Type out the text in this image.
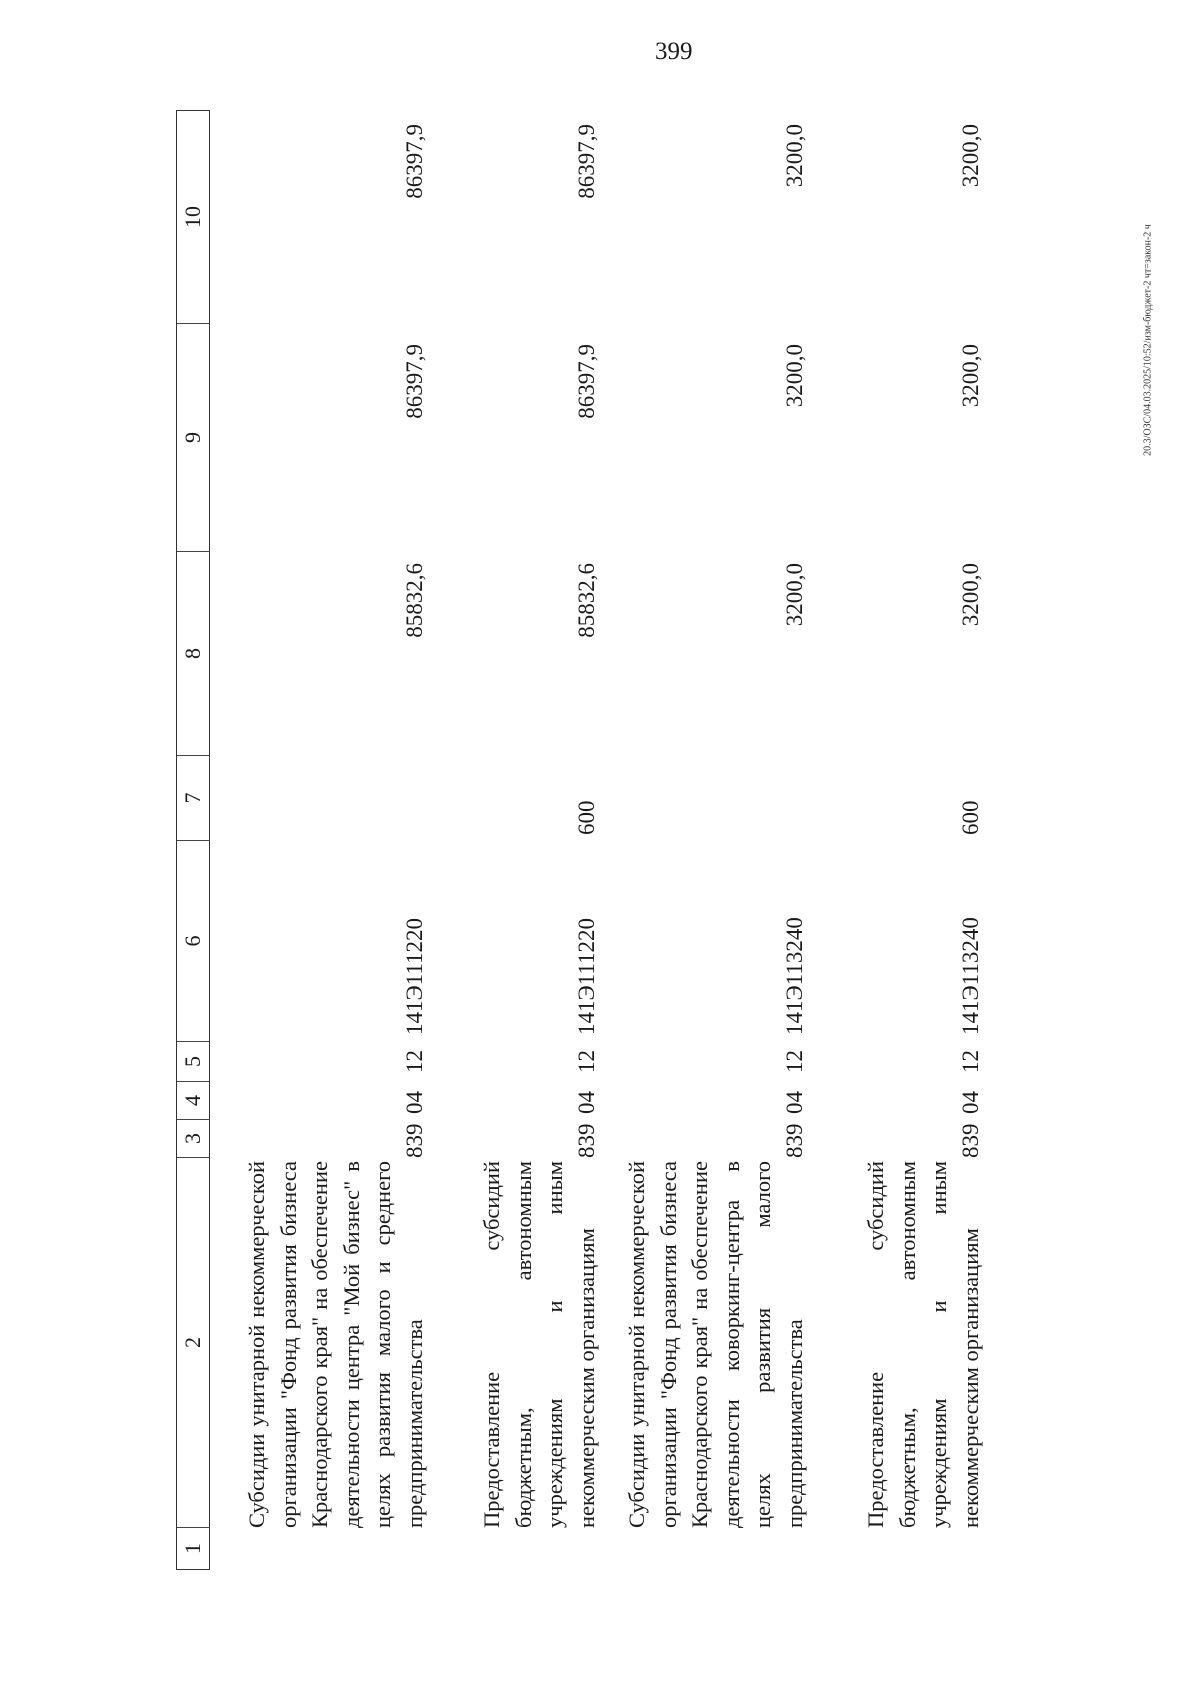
399
20.3/ОЗС/04.03.2025/10:52/изм-бюджет-2 чт=закон-2 ч
1
2
3
4
5
6
7
8
9
10
Субсидии унитарной некоммерческой организации "Фонд развития бизнеса Краснодарского края" на обеспечение деятельности центра "Мой бизнес" в целях развития малого и среднего предпринимательства
839
04
12
141Э111220
85832,6
86397,9
86397,9
Предоставление субсидий бюджетным, автономным учреждениям и иным некоммерческим организациям
839
04
12
141Э111220
600
85832,6
86397,9
86397,9
Субсидии унитарной некоммерческой организации "Фонд развития бизнеса Краснодарского края" на обеспечение деятельности коворкинг-центра в целях развития малого предпринимательства
839
04
12
141Э113240
3200,0
3200,0
3200,0
Предоставление субсидий бюджетным, автономным учреждениям и иным некоммерческим организациям
839
04
12
141Э113240
600
3200,0
3200,0
3200,0
